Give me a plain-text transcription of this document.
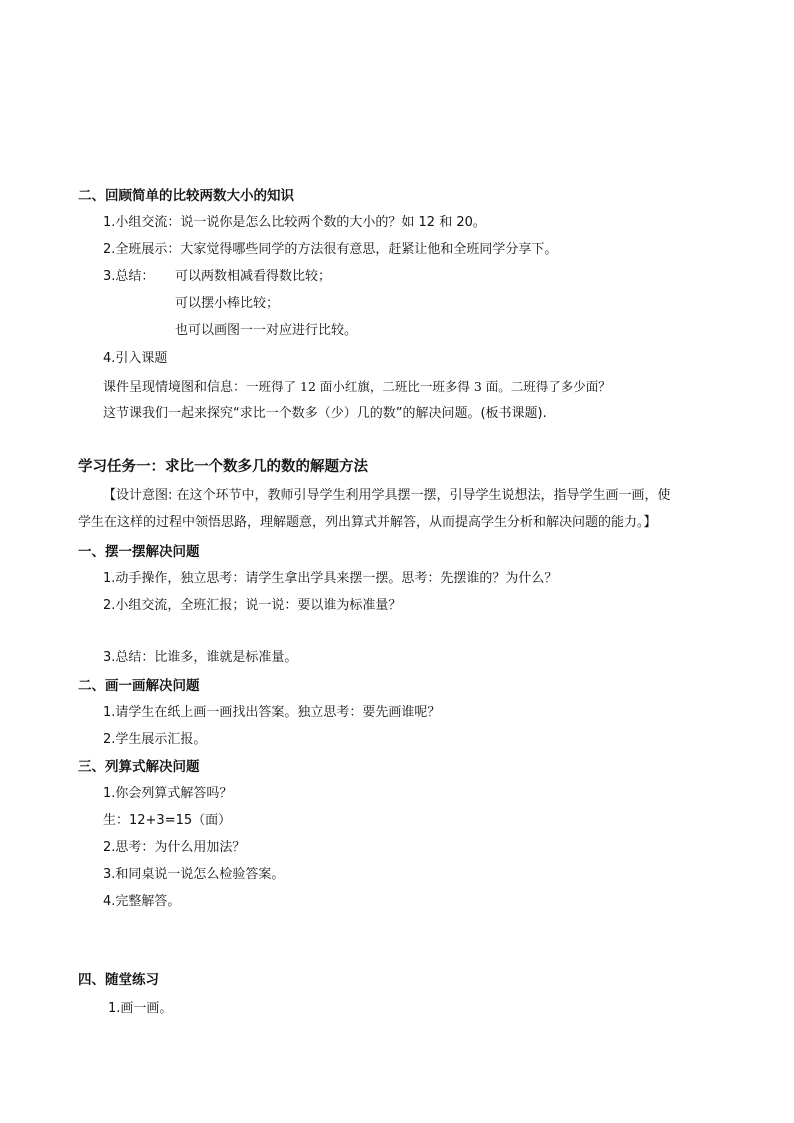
二、回顾简单的比较两数大小的知识
1.小组交流：说一说你是怎么比较两个数的大小的？如 12 和 20。
2.全班展示：大家觉得哪些同学的方法很有意思，赶紧让他和全班同学分享下。
3.总结： 可以两数相减看得数比较；
可以摆小棒比较；
也可以画图一一对应进行比较。
4.引入课题
课件呈现情境图和信息：一班得了 12 面小红旗，二班比一班多得 3 面。二班得了多少面？
这节课我们一起来探究“求比一个数多（少）几的数”的解决问题。(板书课题).
学习任务一：求比一个数多几的数的解题方法
【设计意图: 在这个环节中，教师引导学生利用学具摆一摆，引导学生说想法，指导学生画一画，使
学生在这样的过程中领悟思路，理解题意，列出算式并解答，从而提高学生分析和解决问题的能力。】
一、摆一摆解决问题
1.动手操作，独立思考：请学生拿出学具来摆一摆。思考：先摆谁的？为什么？
2.小组交流，全班汇报；说一说：要以谁为标准量？
3.总结：比谁多，谁就是标准量。
二、画一画解决问题
1.请学生在纸上画一画找出答案。独立思考：要先画谁呢？
2.学生展示汇报。
三、列算式解决问题
1.你会列算式解答吗？
生：12+3=15（面）
2.思考：为什么用加法？
3.和同桌说一说怎么检验答案。
4.完整解答。
四、随堂练习
1.画一画。
